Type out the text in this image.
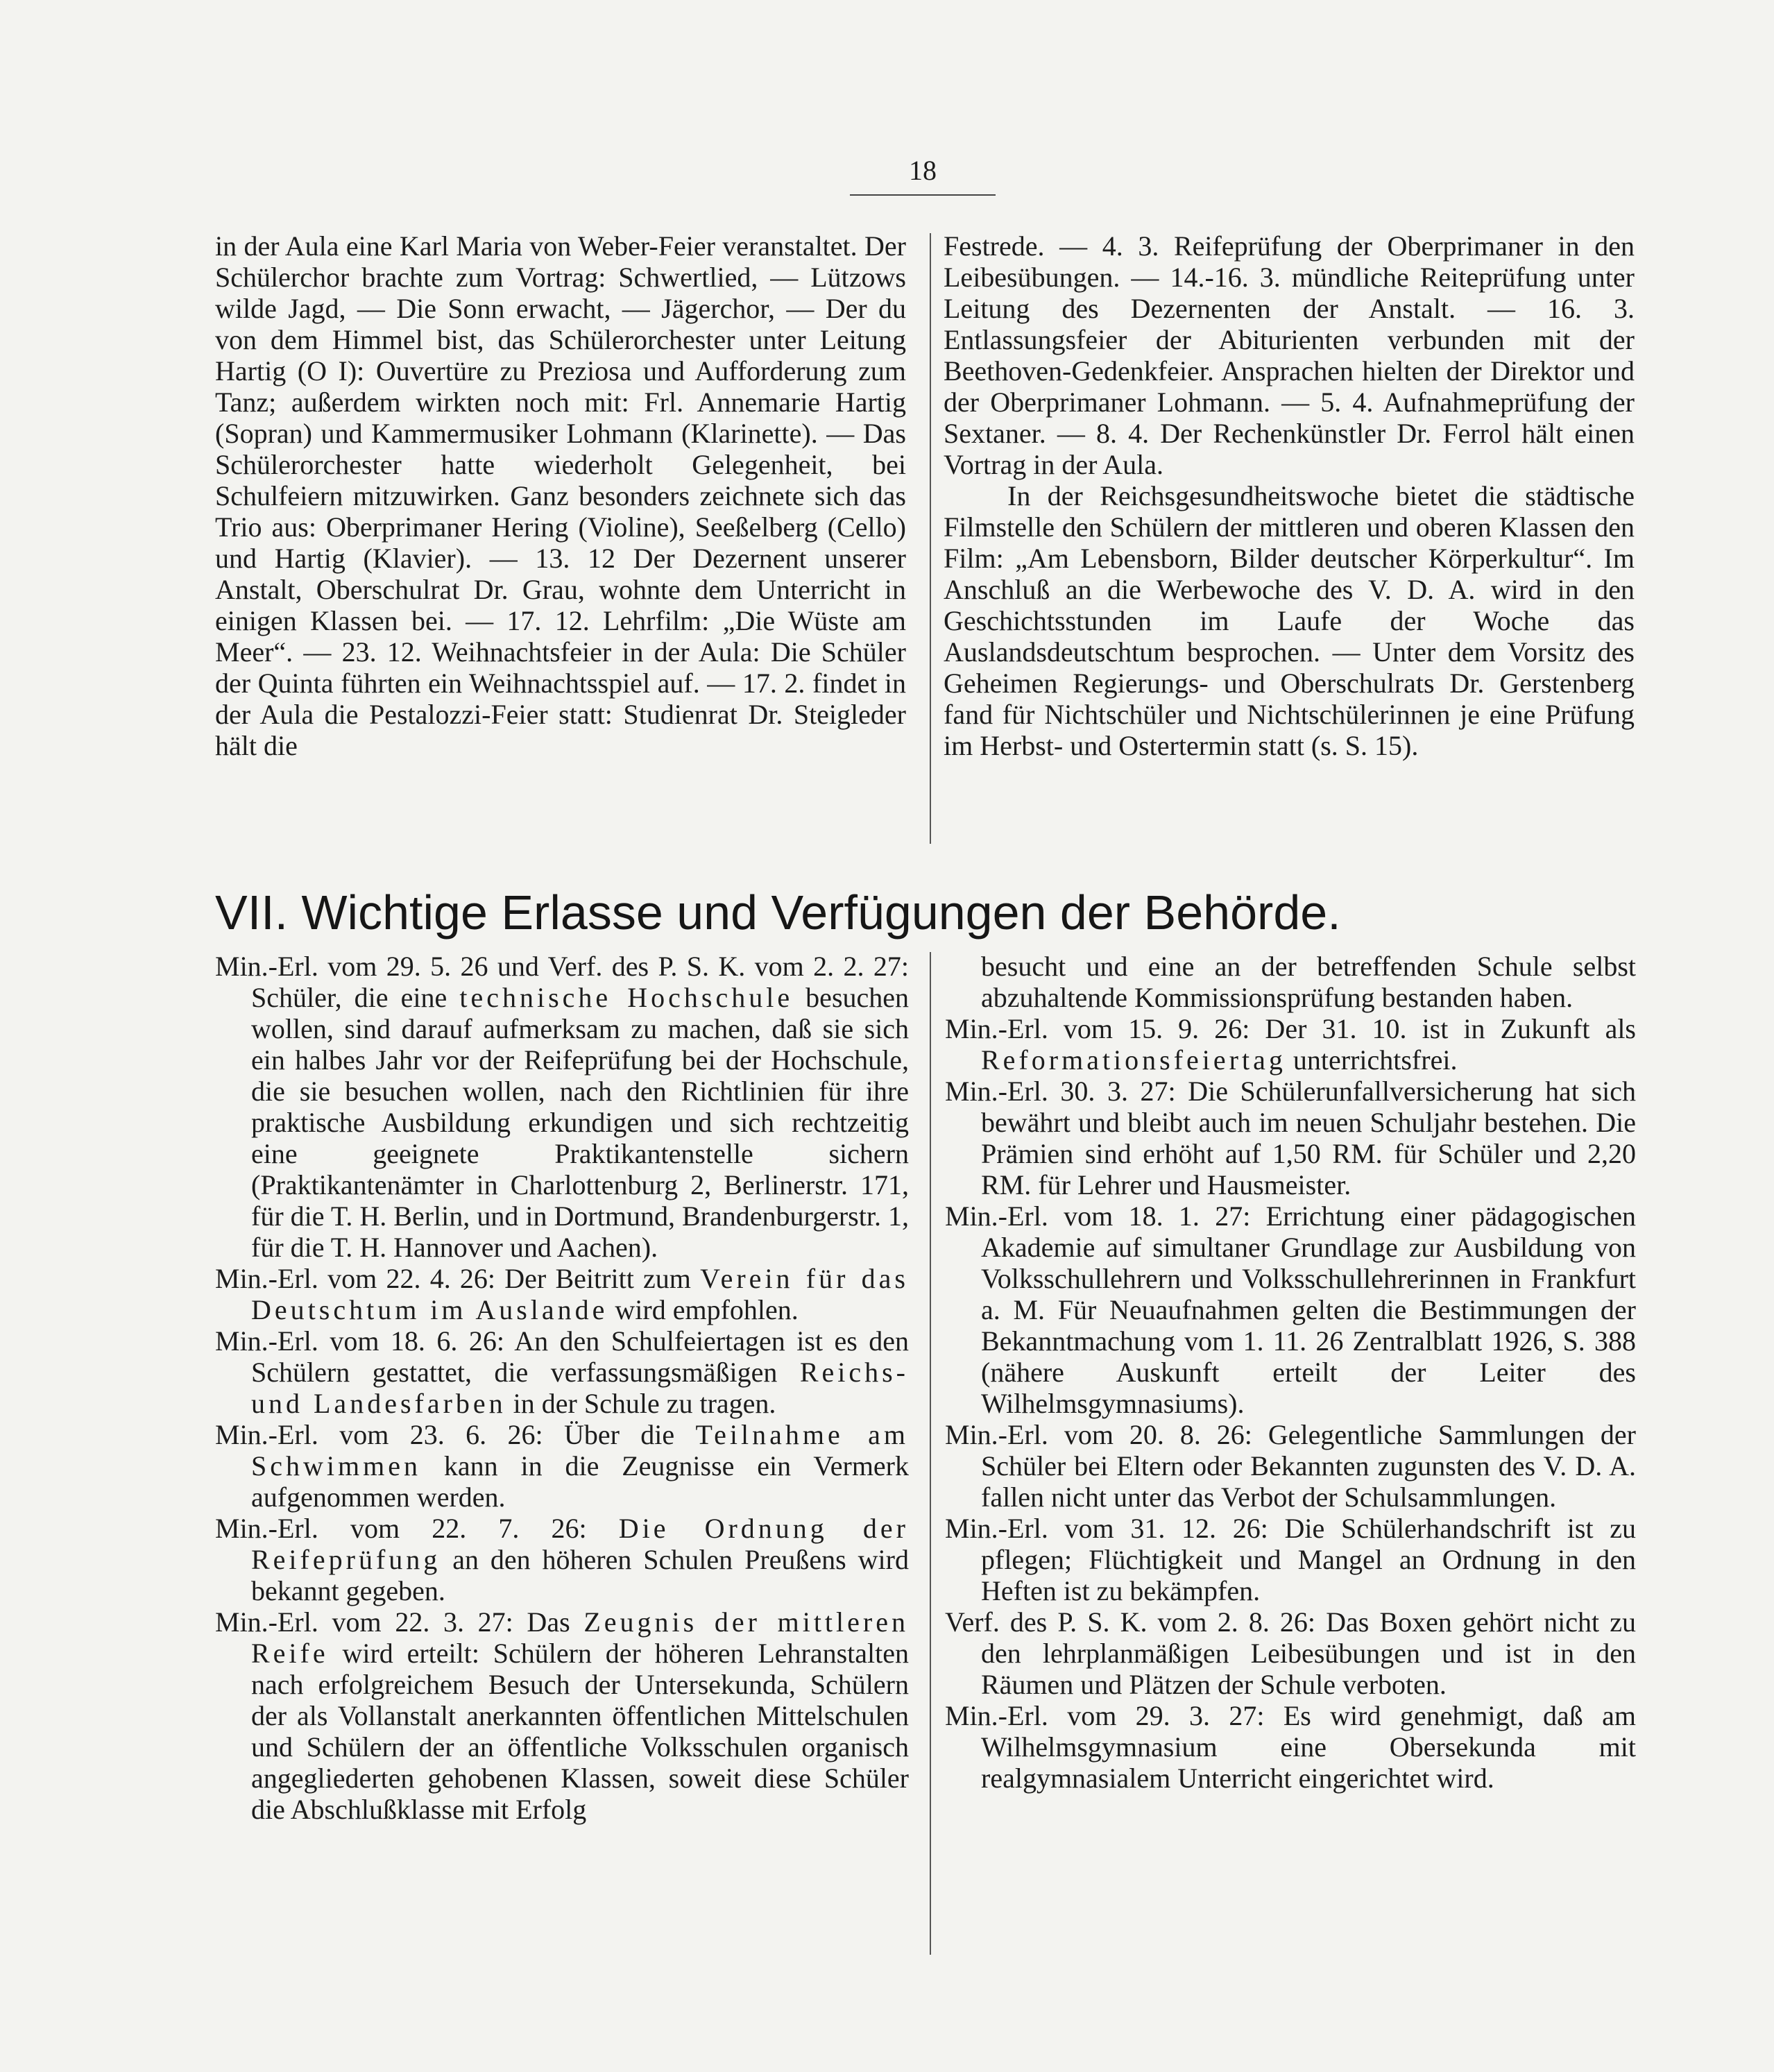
18

in der Aula eine Karl Maria von Weber-Feier veranstaltet. Der Schülerchor brachte zum Vortrag: Schwertlied, — Lützows wilde Jagd, — Die Sonn erwacht, — Jägerchor, — Der du von dem Himmel bist, das Schülerorchester unter Leitung Hartig (O I): Ouvertüre zu Preziosa und Aufforderung zum Tanz; außerdem wirkten noch mit: Frl. Annemarie Hartig (Sopran) und Kammermusiker Lohmann (Klarinette). — Das Schülerorchester hatte wiederholt Gelegenheit, bei Schulfeiern mitzuwirken. Ganz besonders zeichnete sich das Trio aus: Oberprimaner Hering (Violine), Seeßelberg (Cello) und Hartig (Klavier). — 13. 12 Der Dezernent unserer Anstalt, Oberschulrat Dr. Grau, wohnte dem Unterricht in einigen Klassen bei. — 17. 12. Lehrfilm: „Die Wüste am Meer“. — 23. 12. Weihnachtsfeier in der Aula: Die Schüler der Quinta führten ein Weihnachtsspiel auf. — 17. 2. findet in der Aula die Pestalozzi-Feier statt: Studienrat Dr. Steigleder hält die

Festrede. — 4. 3. Reifeprüfung der Oberprimaner in den Leibesübungen. — 14.-16. 3. mündliche Reiteprüfung unter Leitung des Dezernenten der Anstalt. — 16. 3. Entlassungsfeier der Abiturienten verbunden mit der Beethoven-Gedenkfeier. Ansprachen hielten der Direktor und der Oberprimaner Lohmann. — 5. 4. Aufnahmeprüfung der Sextaner. — 8. 4. Der Rechenkünstler Dr. Ferrol hält einen Vortrag in der Aula.

In der Reichsgesundheitswoche bietet die städtische Filmstelle den Schülern der mittleren und oberen Klassen den Film: „Am Lebensborn, Bilder deutscher Körperkultur“. Im Anschluß an die Werbewoche des V. D. A. wird in den Geschichtsstunden im Laufe der Woche das Auslandsdeutschtum besprochen. — Unter dem Vorsitz des Geheimen Regierungs- und Oberschulrats Dr. Gerstenberg fand für Nichtschüler und Nichtschülerinnen je eine Prüfung im Herbst- und Ostertermin statt (s. S. 15).

VII. Wichtige Erlasse und Verfügungen der Behörde.

Min.-Erl. vom 29. 5. 26 und Verf. des P. S. K. vom 2. 2. 27: Schüler, die eine technische Hochschule besuchen wollen, sind darauf aufmerksam zu machen, daß sie sich ein halbes Jahr vor der Reifeprüfung bei der Hochschule, die sie besuchen wollen, nach den Richtlinien für ihre praktische Ausbildung erkundigen und sich rechtzeitig eine geeignete Praktikantenstelle sichern (Praktikantenämter in Charlottenburg 2, Berlinerstr. 171, für die T. H. Berlin, und in Dortmund, Brandenburgerstr. 1, für die T. H. Hannover und Aachen).

Min.-Erl. vom 22. 4. 26: Der Beitritt zum Verein für das Deutschtum im Auslande wird empfohlen.

Min.-Erl. vom 18. 6. 26: An den Schulfeiertagen ist es den Schülern gestattet, die verfassungsmäßigen Reichs- und Landesfarben in der Schule zu tragen.

Min.-Erl. vom 23. 6. 26: Über die Teilnahme am Schwimmen kann in die Zeugnisse ein Vermerk aufgenommen werden.

Min.-Erl. vom 22. 7. 26: Die Ordnung der Reifeprüfung an den höheren Schulen Preußens wird bekannt gegeben.

Min.-Erl. vom 22. 3. 27: Das Zeugnis der mittleren Reife wird erteilt: Schülern der höheren Lehranstalten nach erfolgreichem Besuch der Untersekunda, Schülern der als Vollanstalt anerkannten öffentlichen Mittelschulen und Schülern der an öffentliche Volksschulen organisch angegliederten gehobenen Klassen, soweit diese Schüler die Abschlußklasse mit Erfolg

besucht und eine an der betreffenden Schule selbst abzuhaltende Kommissionsprüfung bestanden haben.

Min.-Erl. vom 15. 9. 26: Der 31. 10. ist in Zukunft als Reformationsfeiertag unterrichtsfrei.

Min.-Erl. 30. 3. 27: Die Schülerunfallversicherung hat sich bewährt und bleibt auch im neuen Schuljahr bestehen. Die Prämien sind erhöht auf 1,50 RM. für Schüler und 2,20 RM. für Lehrer und Hausmeister.

Min.-Erl. vom 18. 1. 27: Errichtung einer pädagogischen Akademie auf simultaner Grundlage zur Ausbildung von Volksschullehrern und Volksschullehrerinnen in Frankfurt a. M. Für Neuaufnahmen gelten die Bestimmungen der Bekanntmachung vom 1. 11. 26 Zentralblatt 1926, S. 388 (nähere Auskunft erteilt der Leiter des Wilhelmsgymnasiums).

Min.-Erl. vom 20. 8. 26: Gelegentliche Sammlungen der Schüler bei Eltern oder Bekannten zugunsten des V. D. A. fallen nicht unter das Verbot der Schulsammlungen.

Min.-Erl. vom 31. 12. 26: Die Schülerhandschrift ist zu pflegen; Flüchtigkeit und Mangel an Ordnung in den Heften ist zu bekämpfen.

Verf. des P. S. K. vom 2. 8. 26: Das Boxen gehört nicht zu den lehrplanmäßigen Leibesübungen und ist in den Räumen und Plätzen der Schule verboten.

Min.-Erl. vom 29. 3. 27: Es wird genehmigt, daß am Wilhelmsgymnasium eine Obersekunda mit realgymnasialem Unterricht eingerichtet wird.
